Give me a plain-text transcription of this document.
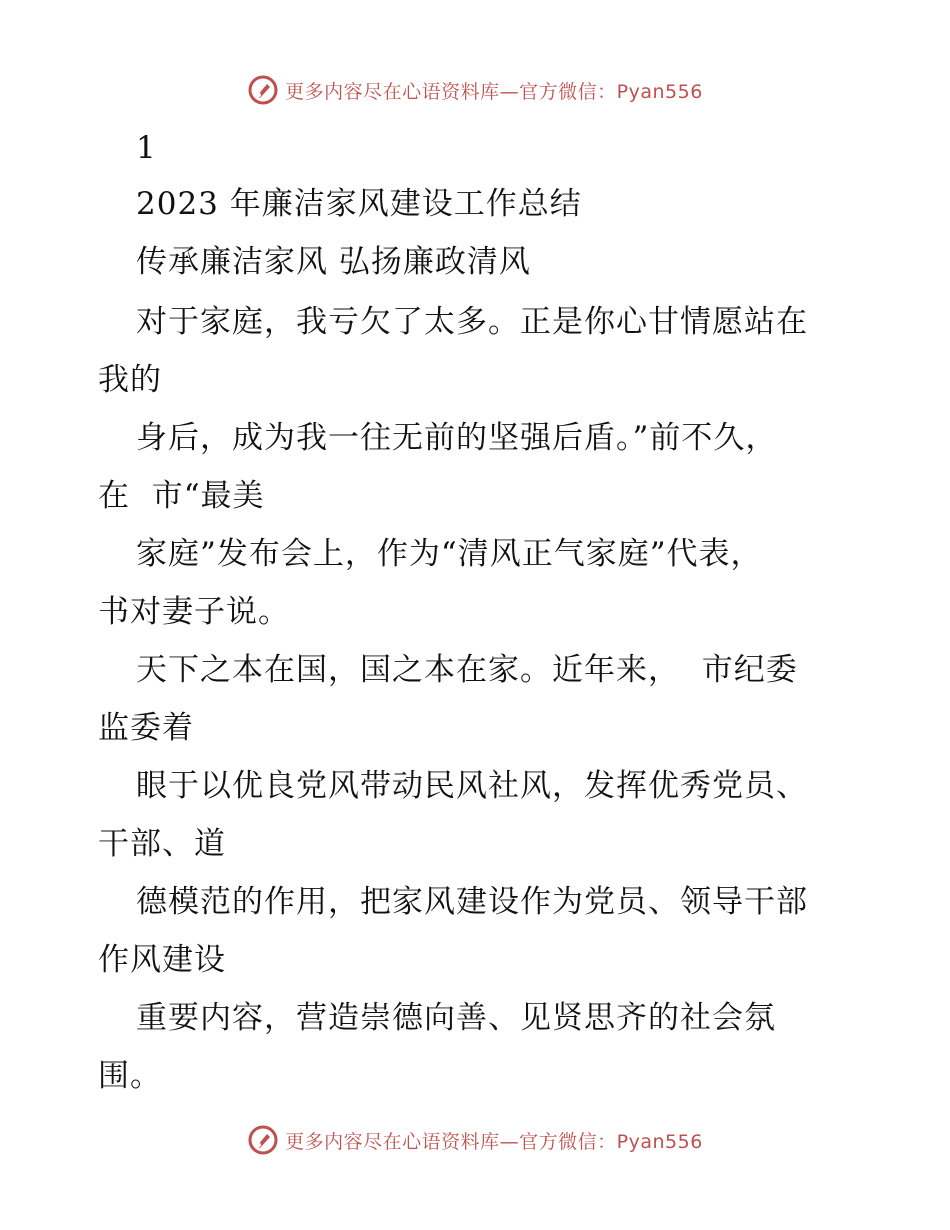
更多内容尽在心语资料库—官方微信：Pyan556
1
2023 年廉洁家风建设工作总结
传承廉洁家风 弘扬廉政清风
对于家庭，我亏欠了太多。正是你心甘情愿站在
我的
身后，成为我一往无前的坚强后盾。”前不久，
在  市“最美
家庭”发布会上，作为“清风正气家庭”代表，
书对妻子说。
天下之本在国，国之本在家。近年来，  市纪委
监委着
眼于以优良党风带动民风社风，发挥优秀党员、
干部、道
德模范的作用，把家风建设作为党员、领导干部
作风建设
重要内容，营造崇德向善、见贤思齐的社会氛
围。
更多内容尽在心语资料库—官方微信：Pyan556
